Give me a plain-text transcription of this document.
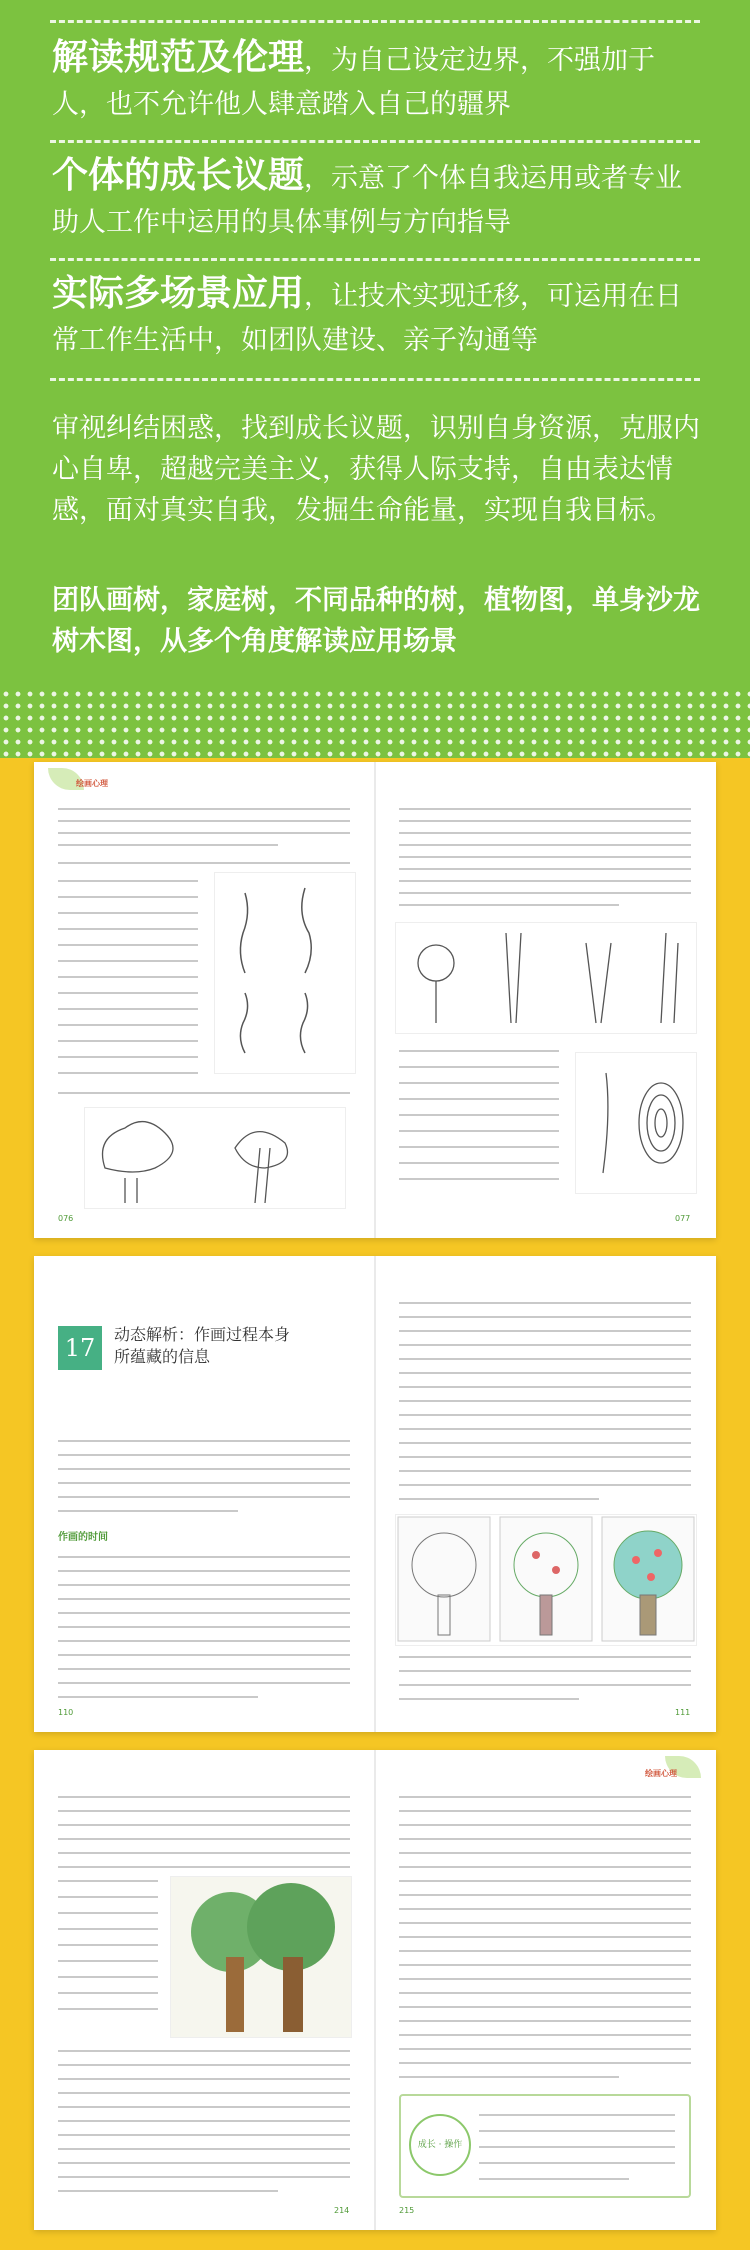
解读规范及伦理，为自己设定边界，不强加于人，也不允许他人肆意踏入自己的疆界
个体的成长议题，示意了个体自我运用或者专业助人工作中运用的具体事例与方向指导
实际多场景应用，让技术实现迁移，可运用在日常工作生活中，如团队建设、亲子沟通等
审视纠结困惑，找到成长议题，识别自身资源，克服内心自卑，超越完美主义，获得人际支持，自由表达情感，面对真实自我，发掘生命能量，实现自我目标。
团队画树，家庭树，不同品种的树，植物图，单身沙龙树木图，从多个角度解读应用场景
绘画心理
076	077
17	动态解析：作画过程本身
所蕴藏的信息
作画的时间
110	111
214
绘画心理
成长 · 操作
215
